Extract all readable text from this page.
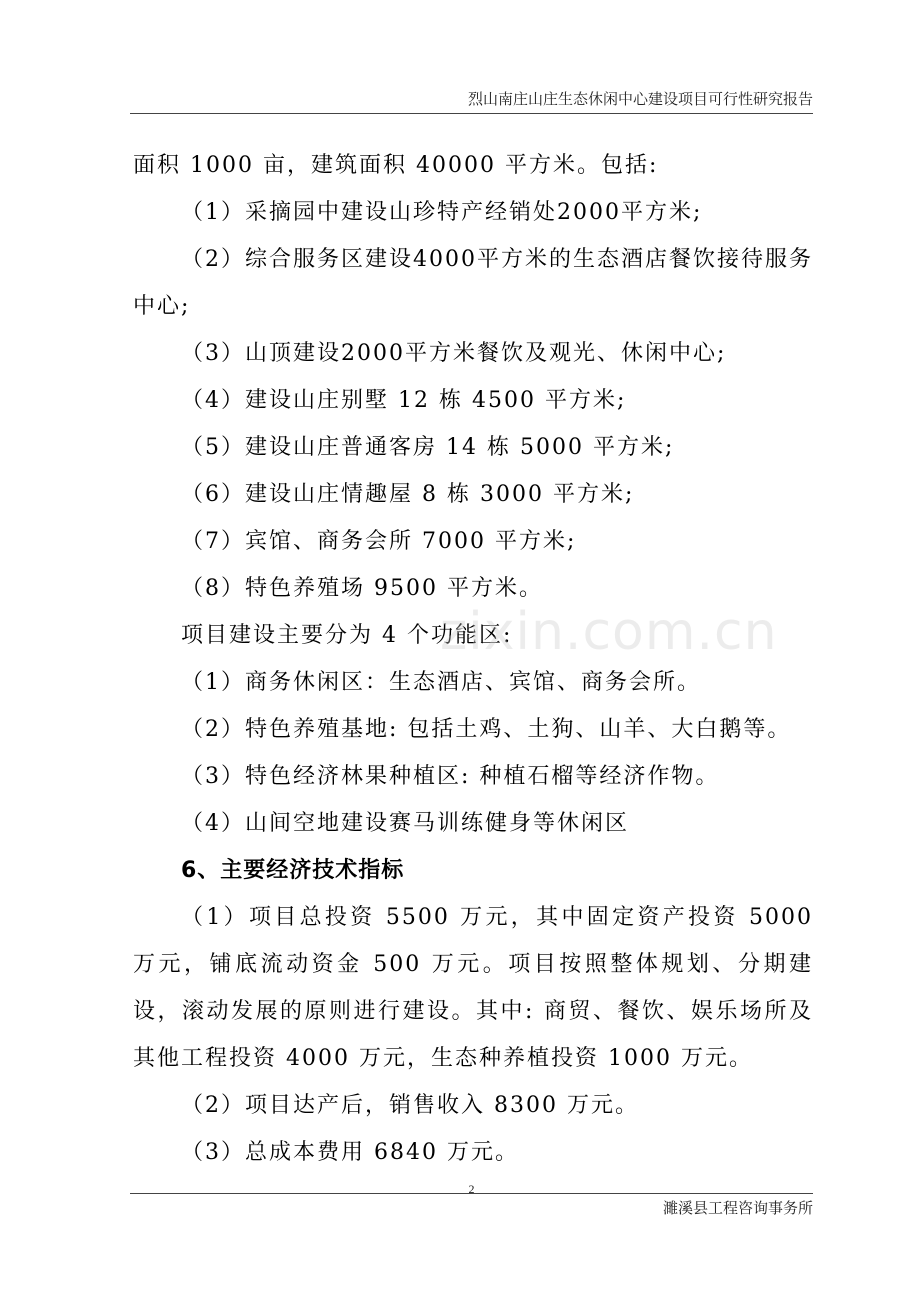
烈山南庄山庄生态休闲中心建设项目可行性研究报告

面积 1000 亩，建筑面积 40000 平方米。包括:

（1）采摘园中建设山珍特产经销处2000平方米;

（2）综合服务区建设4000平方米的生态酒店餐饮接待服务中心;

（3）山顶建设2000平方米餐饮及观光、休闲中心;

（4）建设山庄别墅 12 栋 4500 平方米;

（5）建设山庄普通客房 14 栋 5000 平方米;

（6）建设山庄情趣屋 8 栋 3000 平方米;

（7）宾馆、商务会所 7000 平方米;

（8）特色养殖场 9500 平方米。

项目建设主要分为 4 个功能区:

（1）商务休闲区：生态酒店、宾馆、商务会所。

（2）特色养殖基地: 包括土鸡、土狗、山羊、大白鹅等。

（3）特色经济林果种植区: 种植石榴等经济作物。

（4）山间空地建设赛马训练健身等休闲区

6、主要经济技术指标

（1）项目总投资 5500 万元，其中固定资产投资 5000 万元，铺底流动资金 500 万元。项目按照整体规划、分期建设，滚动发展的原则进行建设。其中: 商贸、餐饮、娱乐场所及其他工程投资 4000 万元，生态种养植投资 1000 万元。

（2）项目达产后，销售收入 8300 万元。

（3）总成本费用 6840 万元。

zixin.com.cn
2
濉溪县工程咨询事务所
